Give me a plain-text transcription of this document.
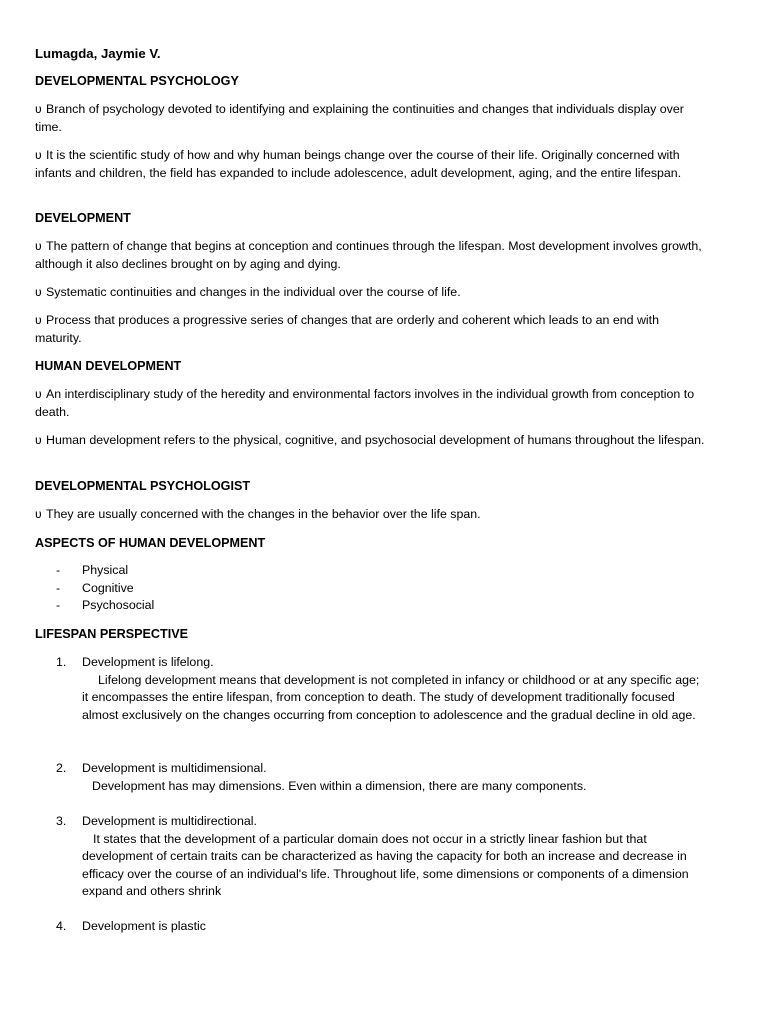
Lumagda, Jaymie V.
DEVELOPMENTAL PSYCHOLOGY

ʋ Branch of psychology devoted to identifying and explaining the continuities and changes that individuals display over time.

ʋ It is the scientific study of how and why human beings change over the course of their life. Originally concerned with infants and children, the field has expanded to include adolescence, adult development, aging, and the entire lifespan.

DEVELOPMENT

ʋ The pattern of change that begins at conception and continues through the lifespan. Most development involves growth, although it also declines brought on by aging and dying.

ʋ Systematic continuities and changes in the individual over the course of life.

ʋ Process that produces a progressive series of changes that are orderly and coherent which leads to an end with maturity.

HUMAN DEVELOPMENT

ʋ An interdisciplinary study of the heredity and environmental factors involves in the individual growth from conception to death.

ʋ Human development refers to the physical, cognitive, and psychosocial development of humans throughout the lifespan.

DEVELOPMENTAL PSYCHOLOGIST

ʋ They are usually concerned with the changes in the behavior over the life span.

ASPECTS OF HUMAN DEVELOPMENT
- Physical
- Cognitive
- Psychosocial
LIFESPAN PERSPECTIVE
1. Development is lifelong.
Lifelong development means that development is not completed in infancy or childhood or at any specific age; it encompasses the entire lifespan, from conception to death. The study of development traditionally focused almost exclusively on the changes occurring from conception to adolescence and the gradual decline in old age.
2. Development is multidimensional.
Development has may dimensions. Even within a dimension, there are many components.
3. Development is multidirectional.
It states that the development of a particular domain does not occur in a strictly linear fashion but that development of certain traits can be characterized as having the capacity for both an increase and decrease in efficacy over the course of an individual's life. Throughout life, some dimensions or components of a dimension expand and others shrink
4. Development is plastic
